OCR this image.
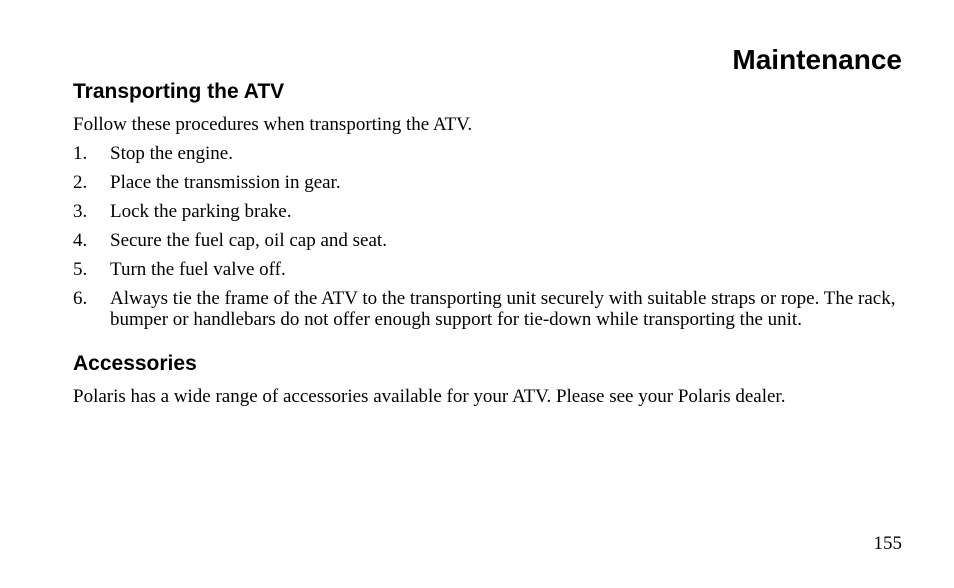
Maintenance
Transporting the ATV

Follow these procedures when transporting the ATV.

1.	Stop the engine.
2.	Place the transmission in gear.
3.	Lock the parking brake.
4.	Secure the fuel cap, oil cap and seat.
5.	Turn the fuel valve off.
6.	Always tie the frame of the ATV to the transporting unit securely with suitable straps or rope. The rack, bumper or handlebars do not offer enough support for tie-down while transporting the unit.
Accessories

Polaris has a wide range of accessories available for your ATV. Please see your Polaris dealer.

155
